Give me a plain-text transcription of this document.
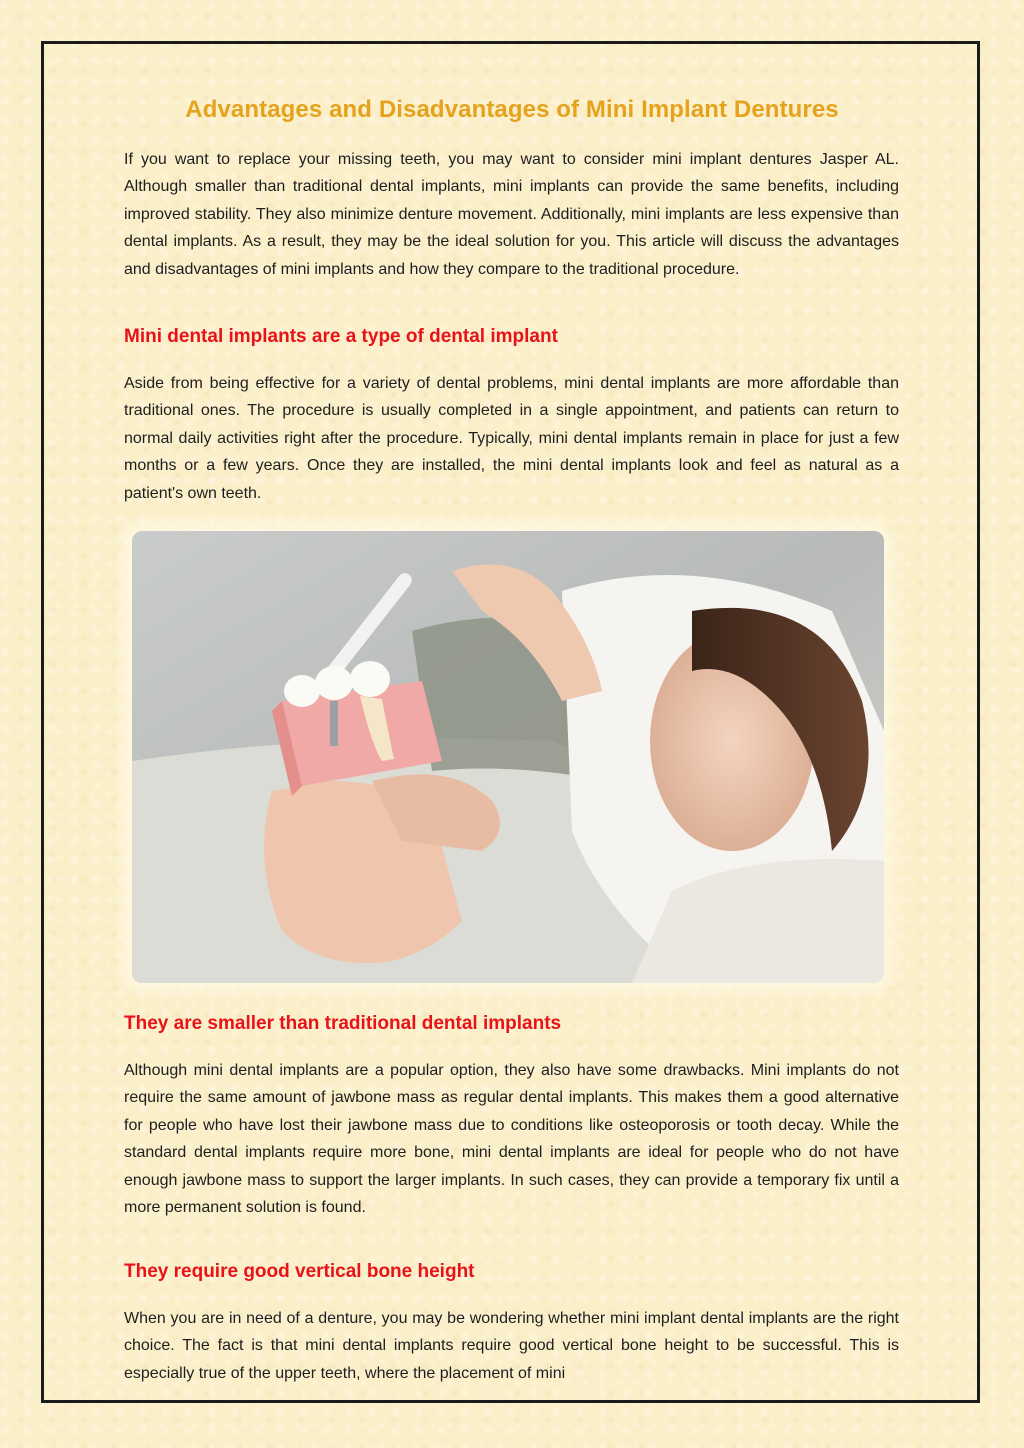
Advantages and Disadvantages of Mini Implant Dentures

If you want to replace your missing teeth, you may want to consider mini implant dentures Jasper AL. Although smaller than traditional dental implants, mini implants can provide the same benefits, including improved stability. They also minimize denture movement. Additionally, mini implants are less expensive than dental implants. As a result, they may be the ideal solution for you. This article will discuss the advantages and disadvantages of mini implants and how they compare to the traditional procedure.

Mini dental implants are a type of dental implant

Aside from being effective for a variety of dental problems, mini dental implants are more affordable than traditional ones. The procedure is usually completed in a single appointment, and patients can return to normal daily activities right after the procedure. Typically, mini dental implants remain in place for just a few months or a few years. Once they are installed, the mini dental implants look and feel as natural as a patient's own teeth.

They are smaller than traditional dental implants

Although mini dental implants are a popular option, they also have some drawbacks. Mini implants do not require the same amount of jawbone mass as regular dental implants. This makes them a good alternative for people who have lost their jawbone mass due to conditions like osteoporosis or tooth decay. While the standard dental implants require more bone, mini dental implants are ideal for people who do not have enough jawbone mass to support the larger implants. In such cases, they can provide a temporary fix until a more permanent solution is found.

They require good vertical bone height

When you are in need of a denture, you may be wondering whether mini implant dental implants are the right choice. The fact is that mini dental implants require good vertical bone height to be successful. This is especially true of the upper teeth, where the placement of mini
